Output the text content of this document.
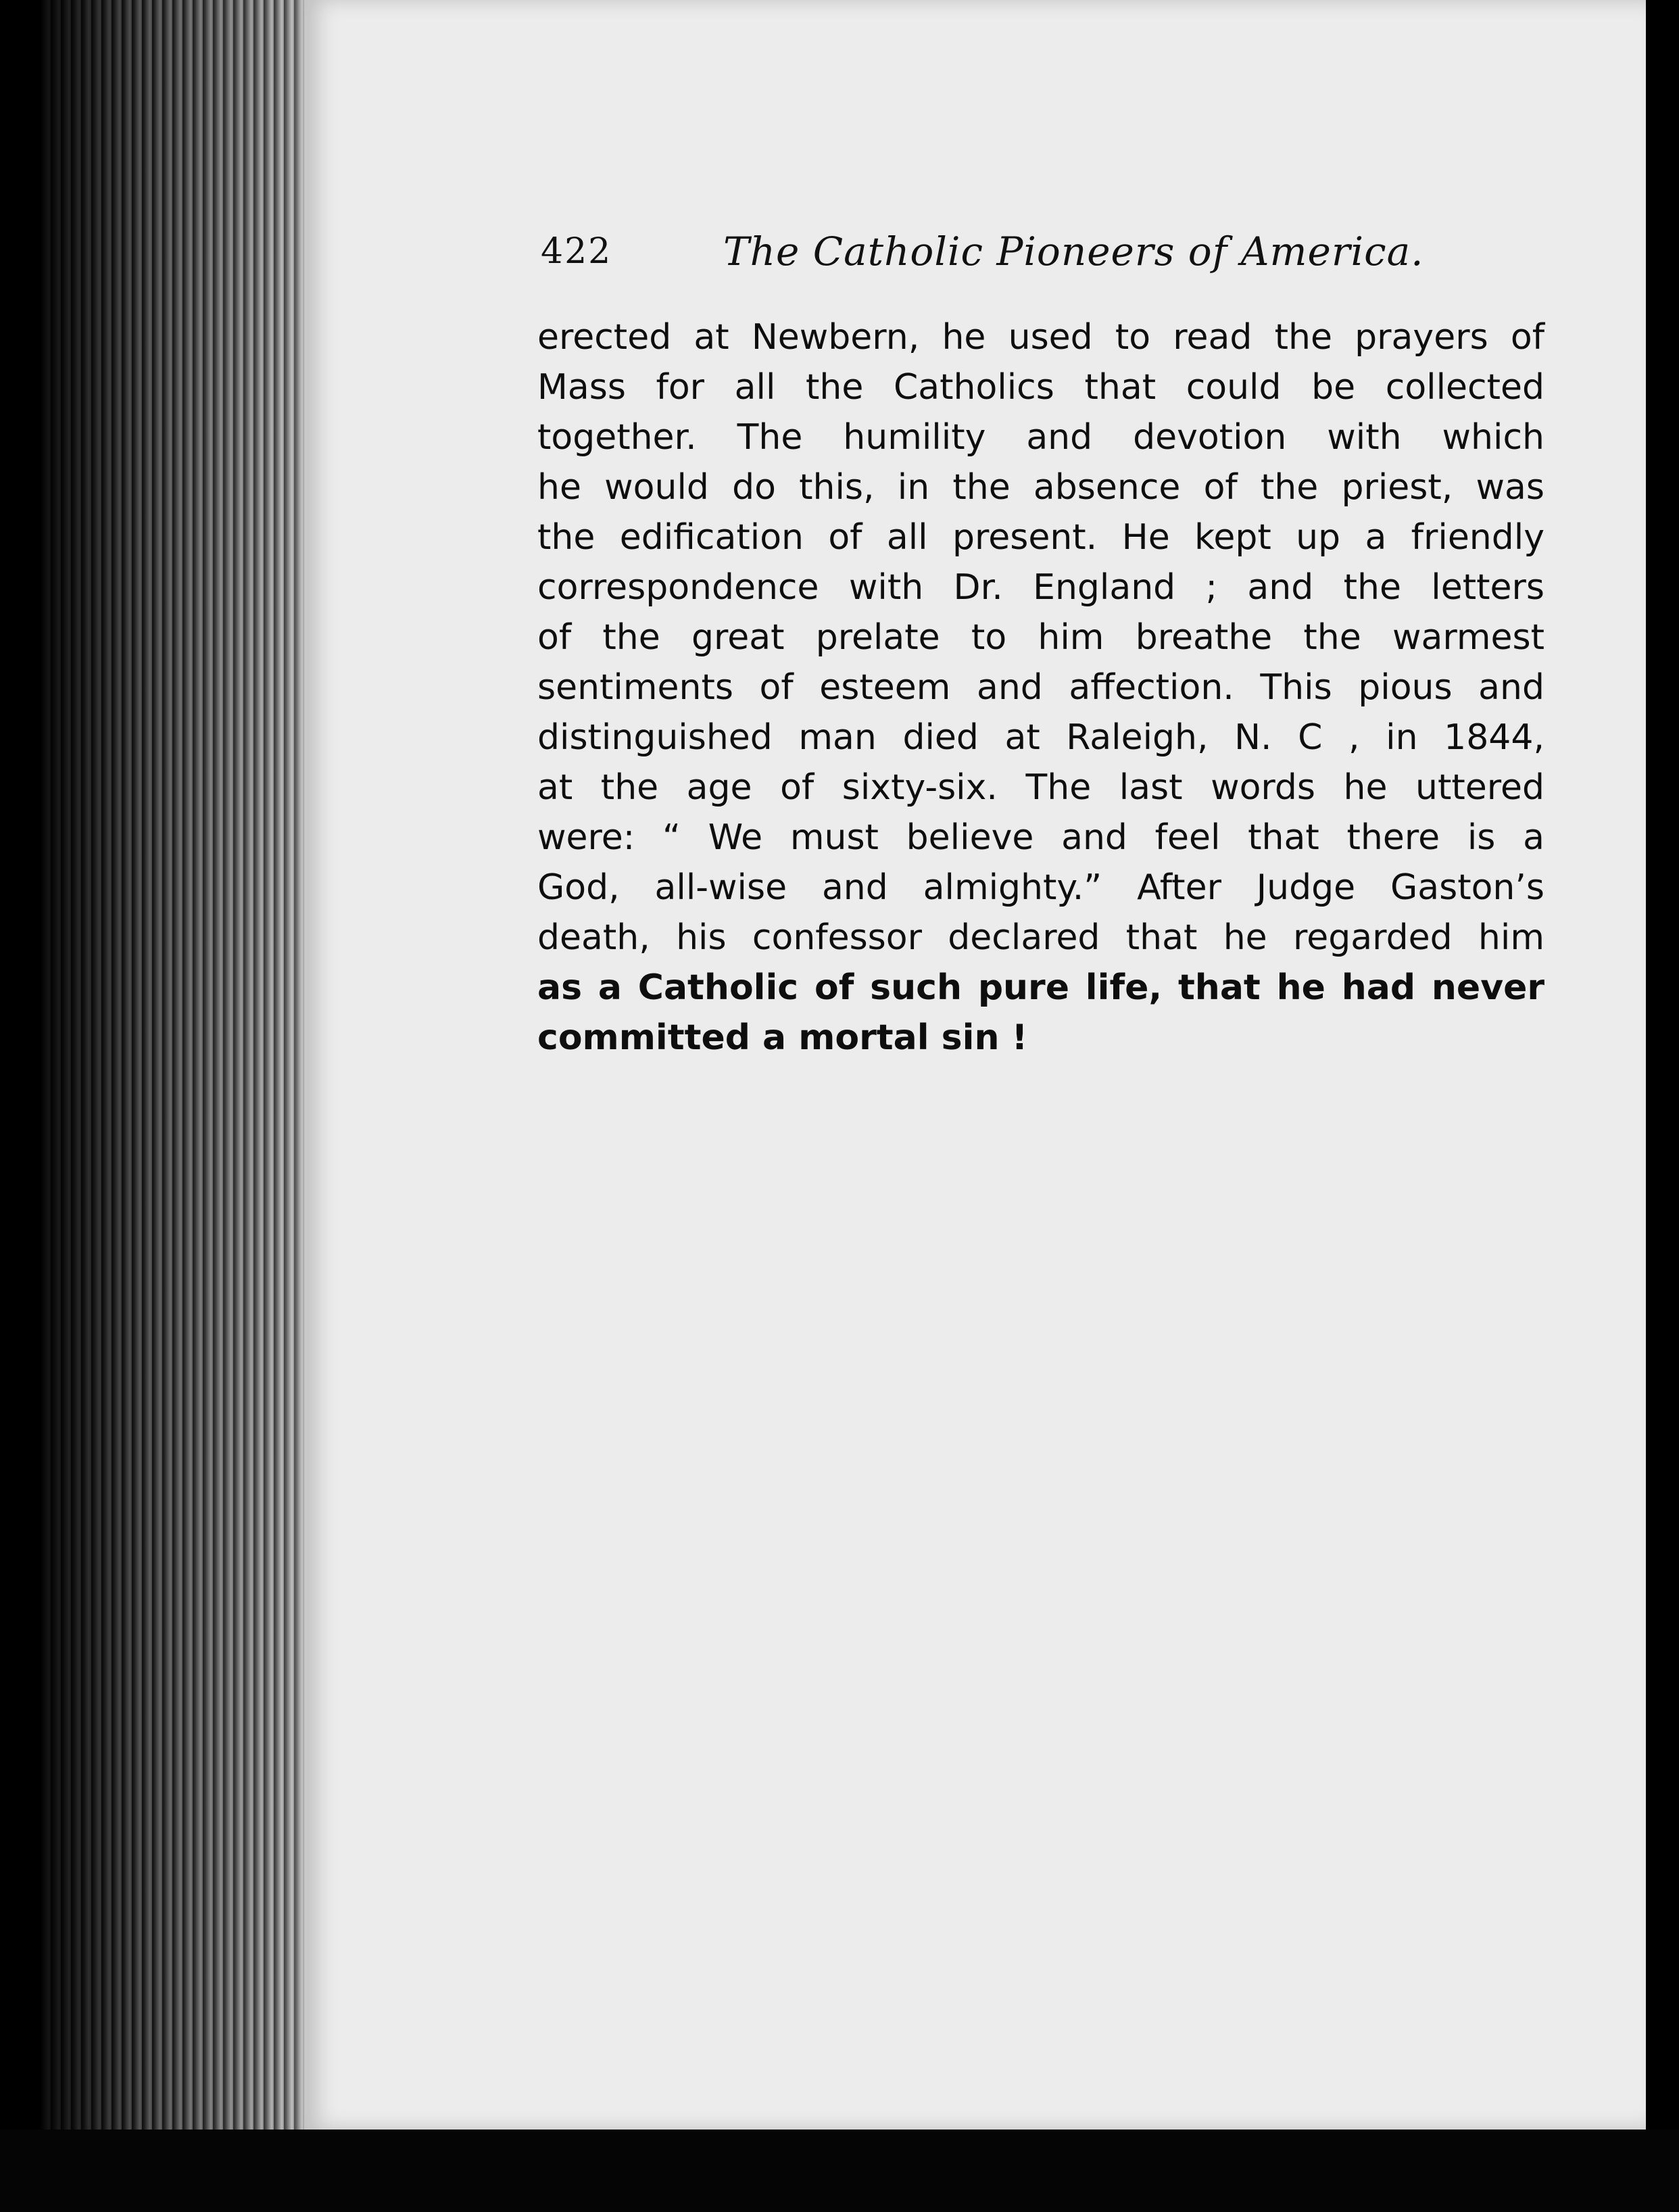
422	The Catholic Pioneers of America.
erected at Newbern, he used to read the prayers of
Mass for all the Catholics that could be collected
together. The humility and devotion with which
he would do this, in the absence of the priest, was
the edification of all present. He kept up a friendly
correspondence with Dr. England ; and the letters
of the great prelate to him breathe the warmest
sentiments of esteem and affection. This pious and
distinguished man died at Raleigh, N. C , in 1844,
at the age of sixty-six. The last words he uttered
were: “ We must believe and feel that there is a
God, all-wise and almighty.” After Judge Gaston’s
death, his confessor declared that he regarded him
as a Catholic of such pure life, that he had never
committed a mortal sin !
